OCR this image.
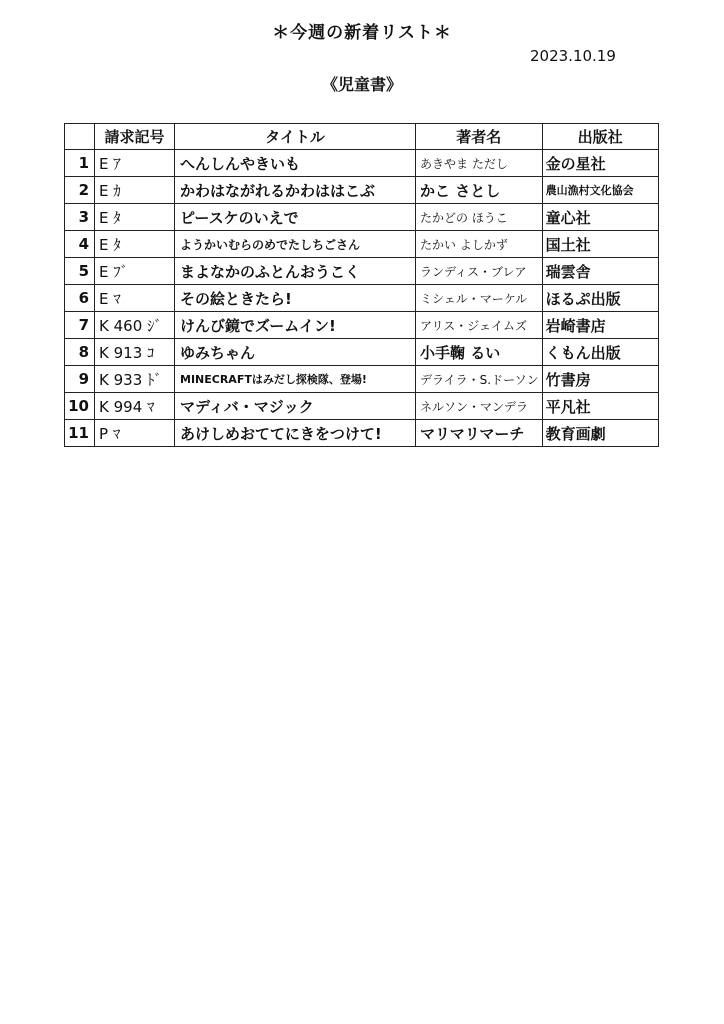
＊今週の新着リスト＊
2023.10.19
《児童書》
	請求記号	タイトル	著者名	出版社
1	E ｱ	へんしんやきいも	あきやま ただし	金の星社
2	E ｶ	かわはながれるかわははこぶ	かこ さとし	農山漁村文化協会
3	E ﾀ	ピースケのいえで	たかどの ほうこ	童心社
4	E ﾀ	ようかいむらのめでたしちごさん	たかい よしかず	国土社
5	E ﾌﾞ	まよなかのふとんおうこく	ランディス・ブレア	瑞雲舎
6	E ﾏ	その絵ときたら!	ミシェル・マーケル	ほるぷ出版
7	K 460 ｼﾞ	けんび鏡でズームイン!	アリス・ジェイムズ	岩崎書店
8	K 913 ｺ	ゆみちゃん	小手鞠 るい	くもん出版
9	K 933 ﾄﾞ	MINECRAFTはみだし探検隊、登場!	デライラ・S.ドーソン	竹書房
10	K 994 ﾏ	マディバ・マジック	ネルソン・マンデラ	平凡社
11	P ﾏ	あけしめおててにきをつけて!	マリマリマーチ	教育画劇
